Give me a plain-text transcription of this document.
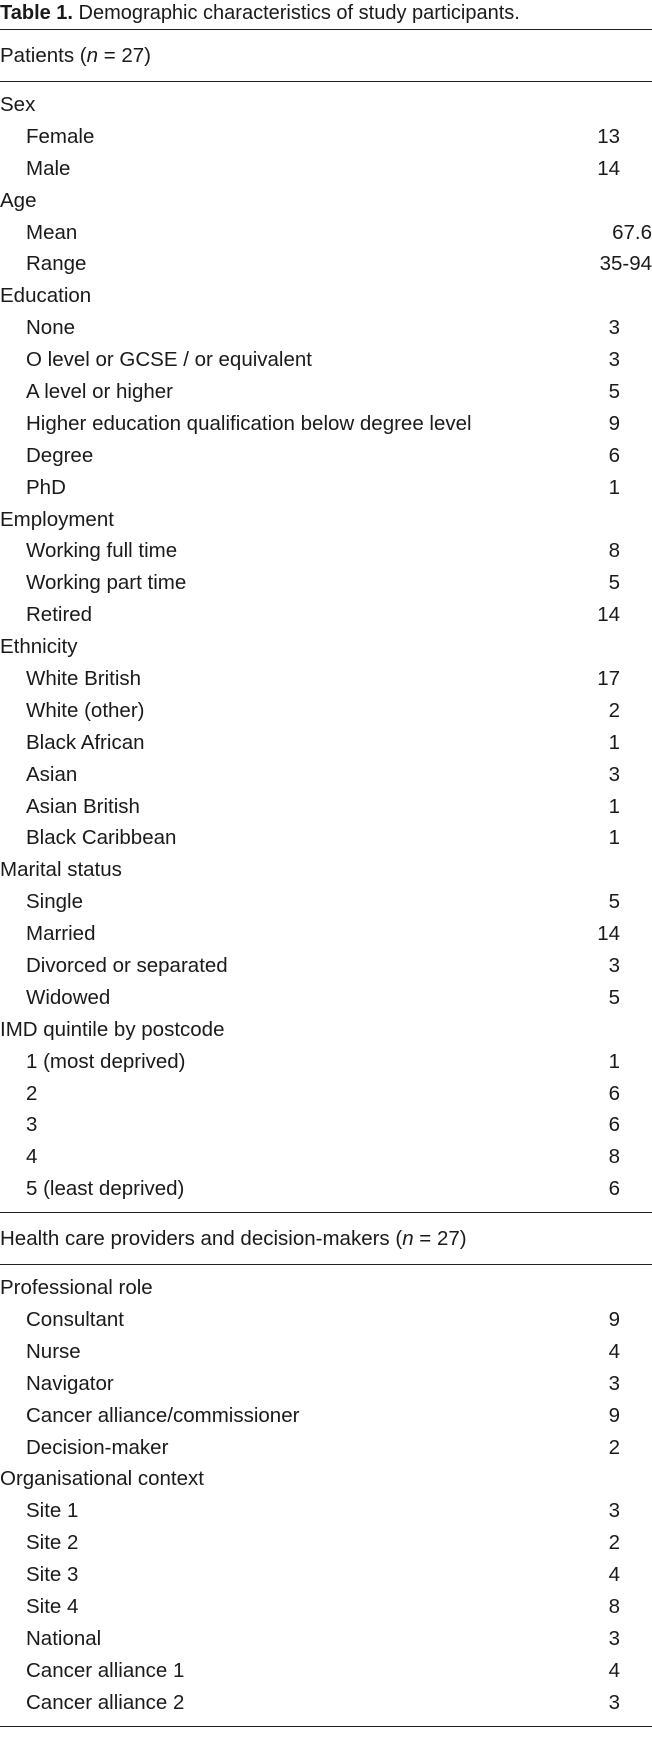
Table 1. Demographic characteristics of study participants.
Patients (n = 27)
Sex
Female	13
Male	14
Age
Mean	67.6
Range	35-94
Education
None	3
O level or GCSE / or equivalent	3
A level or higher	5
Higher education qualification below degree level	9
Degree	6
PhD	1
Employment
Working full time	8
Working part time	5
Retired	14
Ethnicity
White British	17
White (other)	2
Black African	1
Asian	3
Asian British	1
Black Caribbean	1
Marital status
Single	5
Married	14
Divorced or separated	3
Widowed	5
IMD quintile by postcode
1 (most deprived)	1
2	6
3	6
4	8
5 (least deprived)	6
Health care providers and decision-makers (n = 27)
Professional role
Consultant	9
Nurse	4
Navigator	3
Cancer alliance/commissioner	9
Decision-maker	2
Organisational context
Site 1	3
Site 2	2
Site 3	4
Site 4	8
National	3
Cancer alliance 1	4
Cancer alliance 2	3
